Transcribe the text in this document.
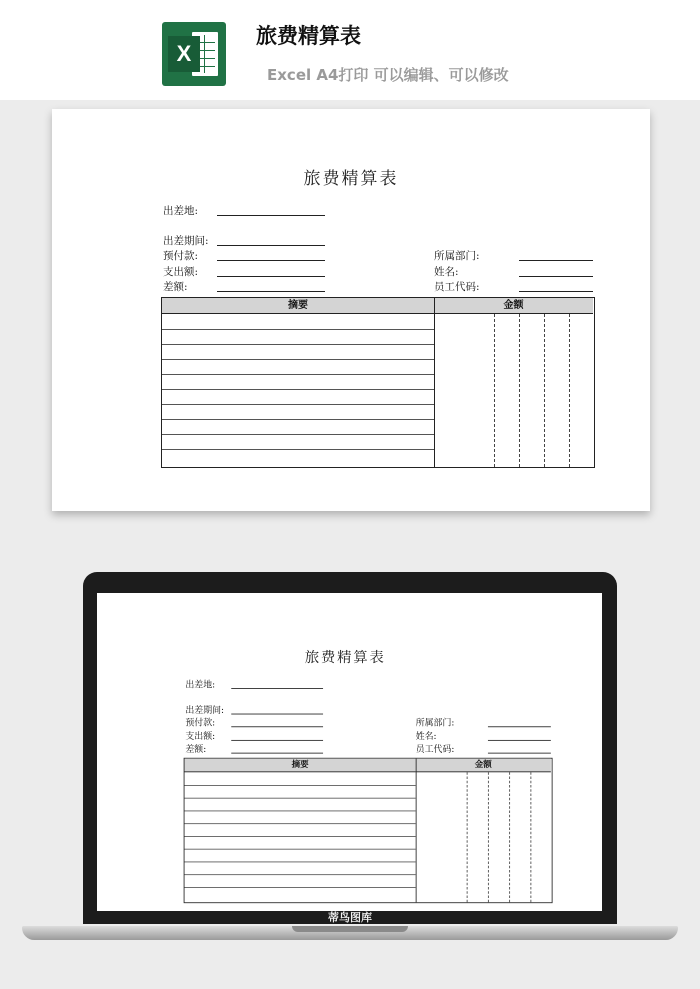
X
旅费精算表
Excel A4打印 可以编辑、可以修改
旅费精算表
出差地:
出差期间:
预付款:
支出额:
差额:
所属部门:
姓名:
员工代码:
摘要	金额
旅费精算表
出差地:
出差期间:
预付款:
支出额:
差额:
所属部门:
姓名:
员工代码:
摘要	金额
蒂鸟图库
